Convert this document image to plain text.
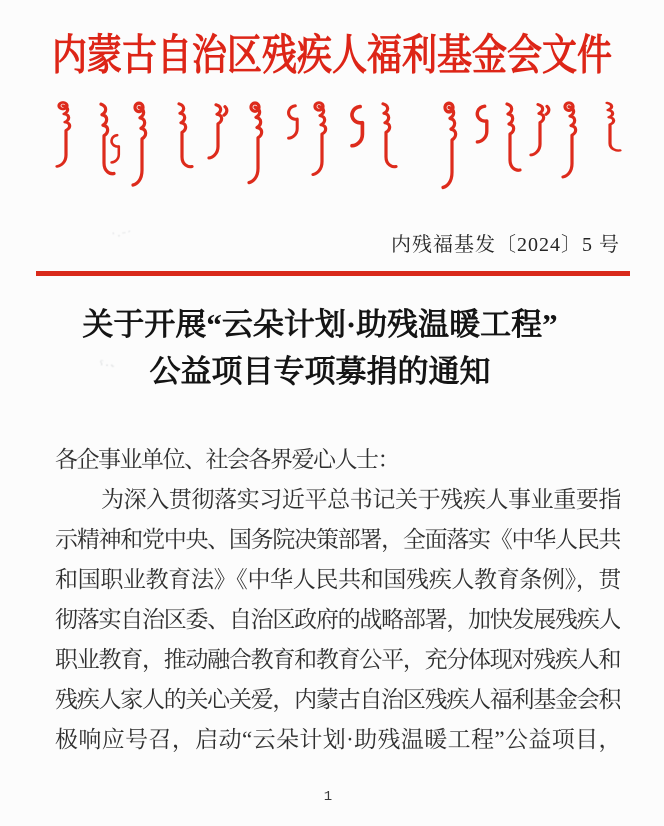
内蒙古自治区残疾人福利基金会文件
内残福基发〔2024〕5 号
᾽·¨ˊ
ˁ·˞
关于开展“云朵计划·助残温暖工程”
公益项目专项募捐的通知
各企事业单位、社会各界爱心人士：
为深入贯彻落实习近平总书记关于残疾人事业重要指
示精神和党中央、国务院决策部署，全面落实《中华人民共
和国职业教育法》《中华人民共和国残疾人教育条例》，贯
彻落实自治区委、自治区政府的战略部署，加快发展残疾人
职业教育，推动融合教育和教育公平，充分体现对残疾人和
残疾人家人的关心关爱，内蒙古自治区残疾人福利基金会积
极响应号召，启动“云朵计划·助残温暖工程”公益项目，
1
